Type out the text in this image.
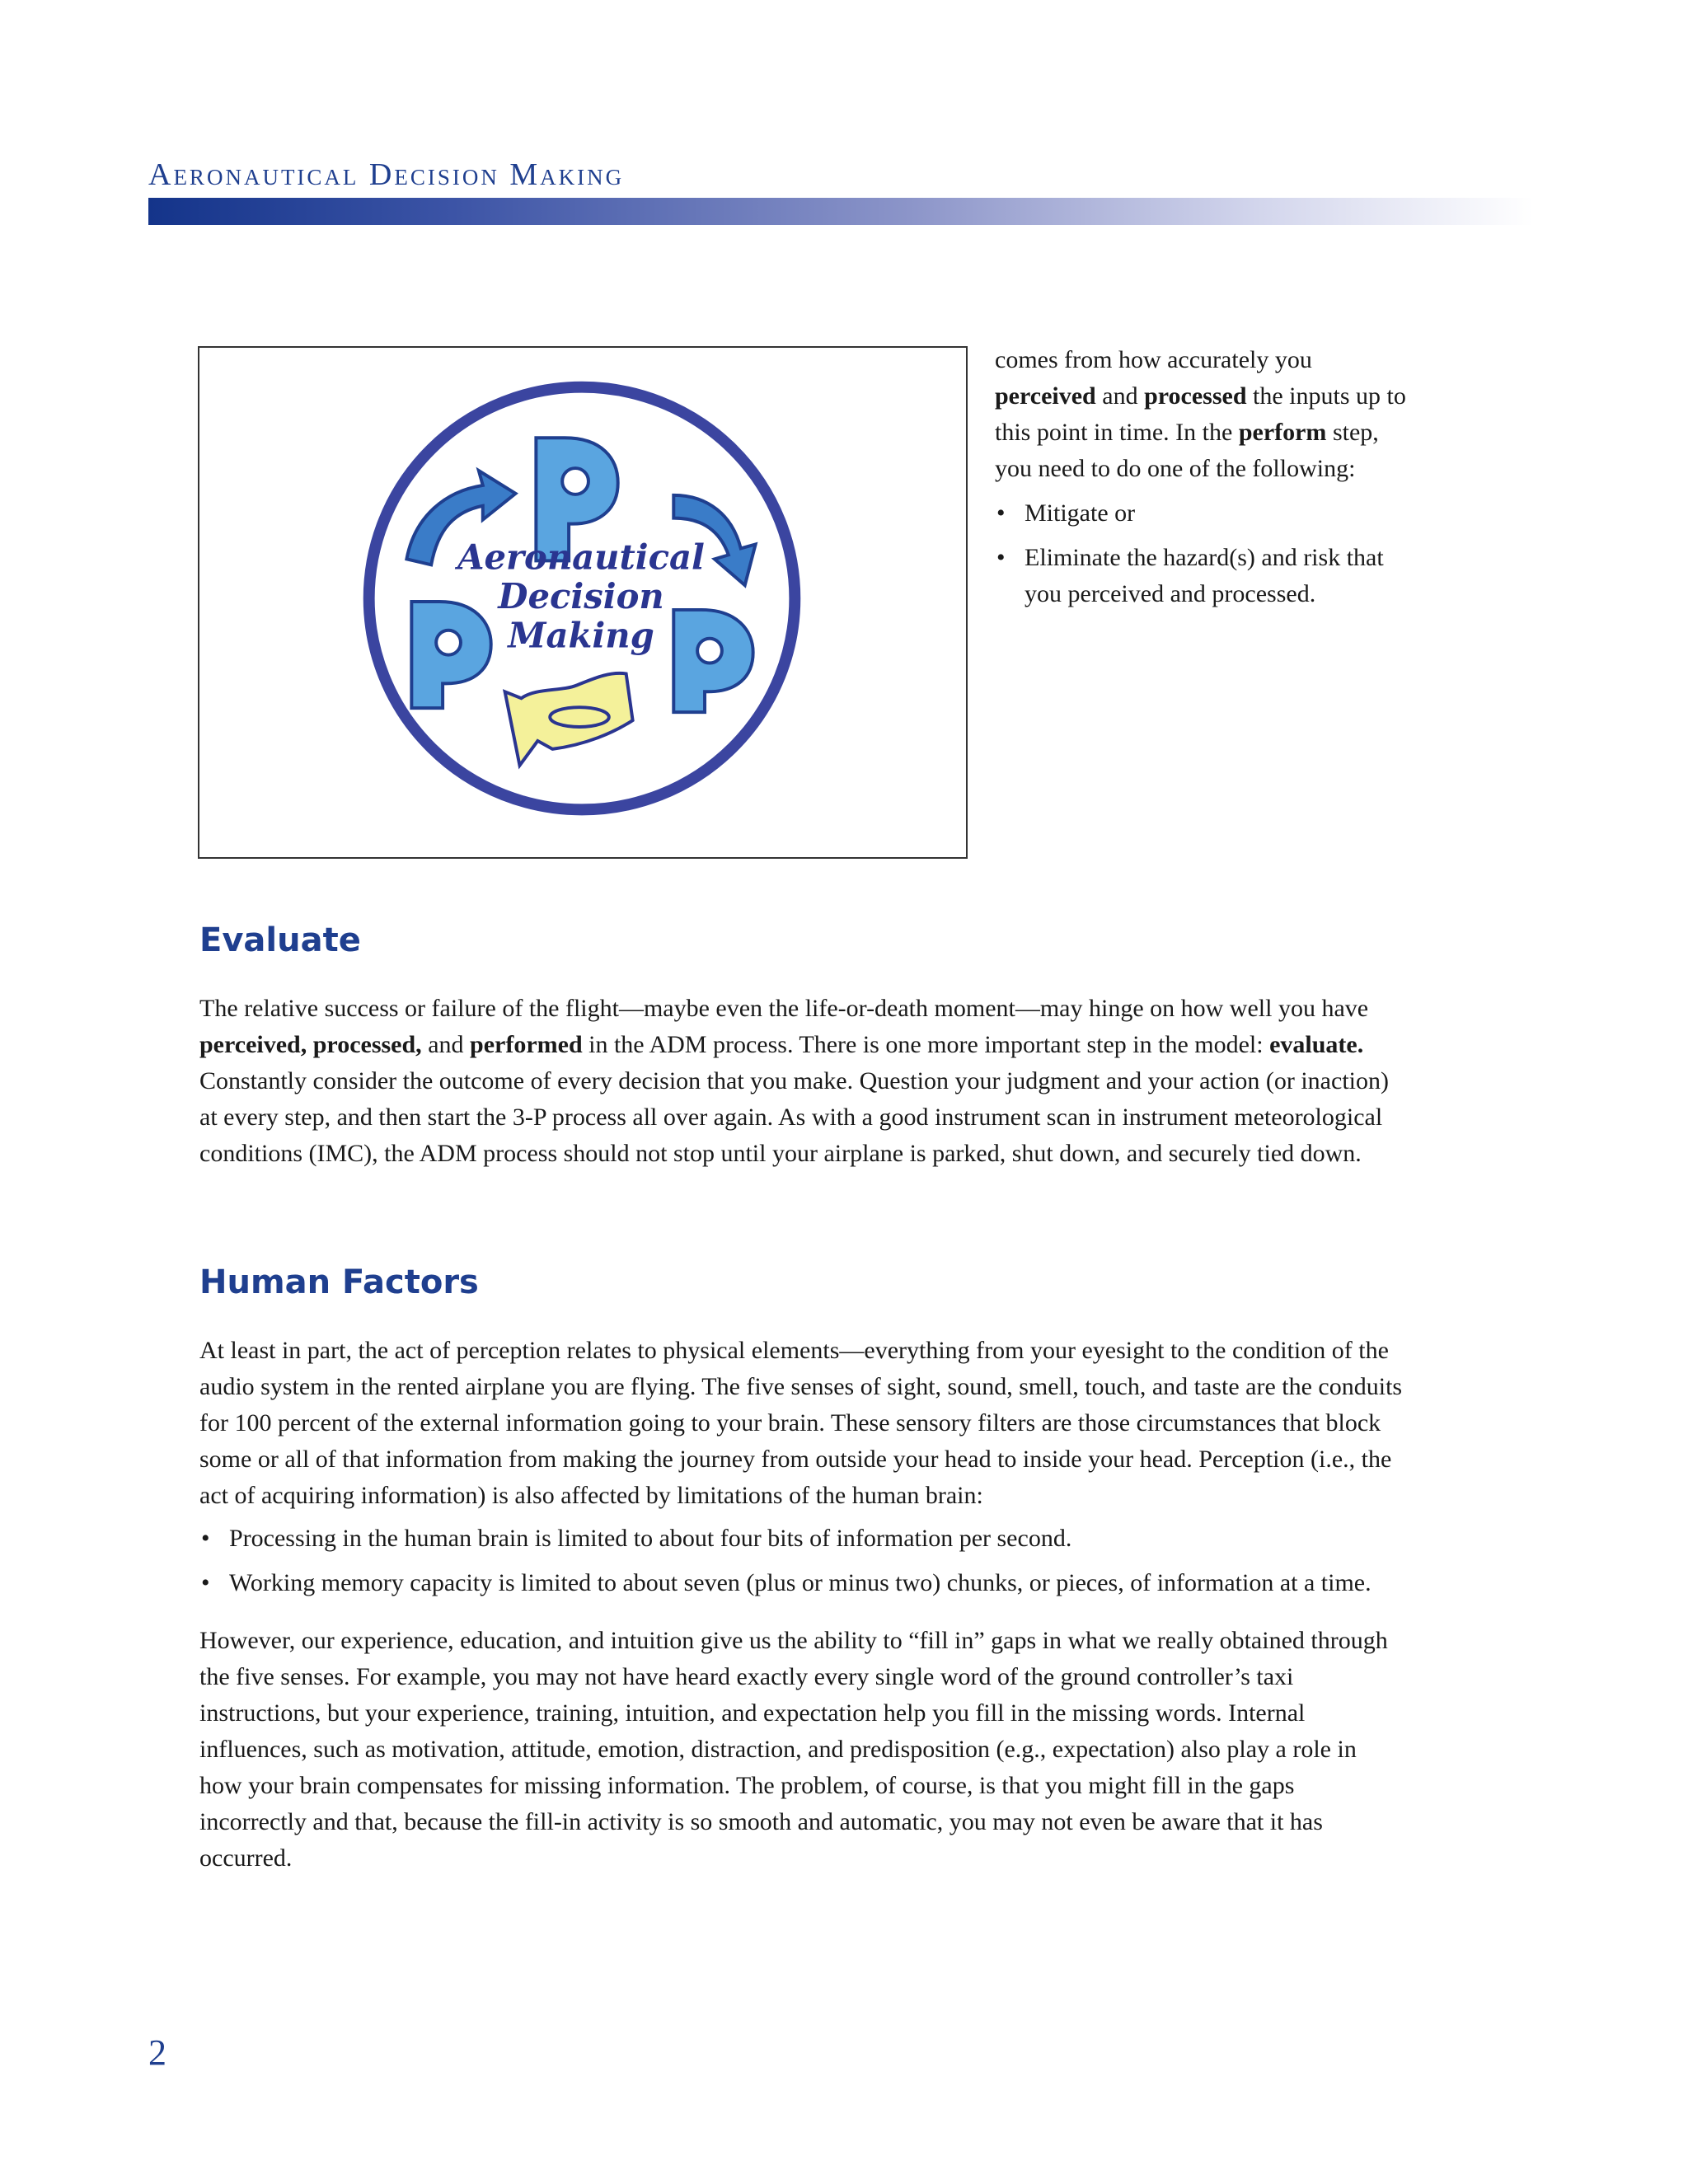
Aeronautical Decision Making
Aeronautical
Decision
Making

comes from how accurately you perceived and processed the inputs up to this point in time. In the perform step, you need to do one of the following:

• Mitigate or
• Eliminate the hazard(s) and risk that you perceived and processed.
Evaluate

The relative success or failure of the flight—maybe even the life-or-death moment—may hinge on how well you have perceived, processed, and performed in the ADM process. There is one more important step in the model: evaluate. Constantly consider the outcome of every decision that you make. Question your judgment and your action (or inaction) at every step, and then start the 3-P process all over again. As with a good instrument scan in instrument meteorological conditions (IMC), the ADM process should not stop until your airplane is parked, shut down, and securely tied down.

Human Factors

At least in part, the act of perception relates to physical elements—everything from your eyesight to the condition of the audio system in the rented airplane you are flying. The five senses of sight, sound, smell, touch, and taste are the conduits for 100 percent of the external information going to your brain. These sensory filters are those circumstances that block some or all of that information from making the journey from outside your head to inside your head. Perception (i.e., the act of acquiring information) is also affected by limitations of the human brain:

• Processing in the human brain is limited to about four bits of information per second.
• Working memory capacity is limited to about seven (plus or minus two) chunks, or pieces, of information at a time.

However, our experience, education, and intuition give us the ability to “fill in” gaps in what we really obtained through the five senses. For example, you may not have heard exactly every single word of the ground controller’s taxi instructions, but your experience, training, intuition, and expectation help you fill in the missing words. Internal influences, such as motivation, attitude, emotion, distraction, and predisposition (e.g., expectation) also play a role in how your brain compensates for missing information. The problem, of course, is that you might fill in the gaps incorrectly and that, because the fill-in activity is so smooth and automatic, you may not even be aware that it has occurred.

2
